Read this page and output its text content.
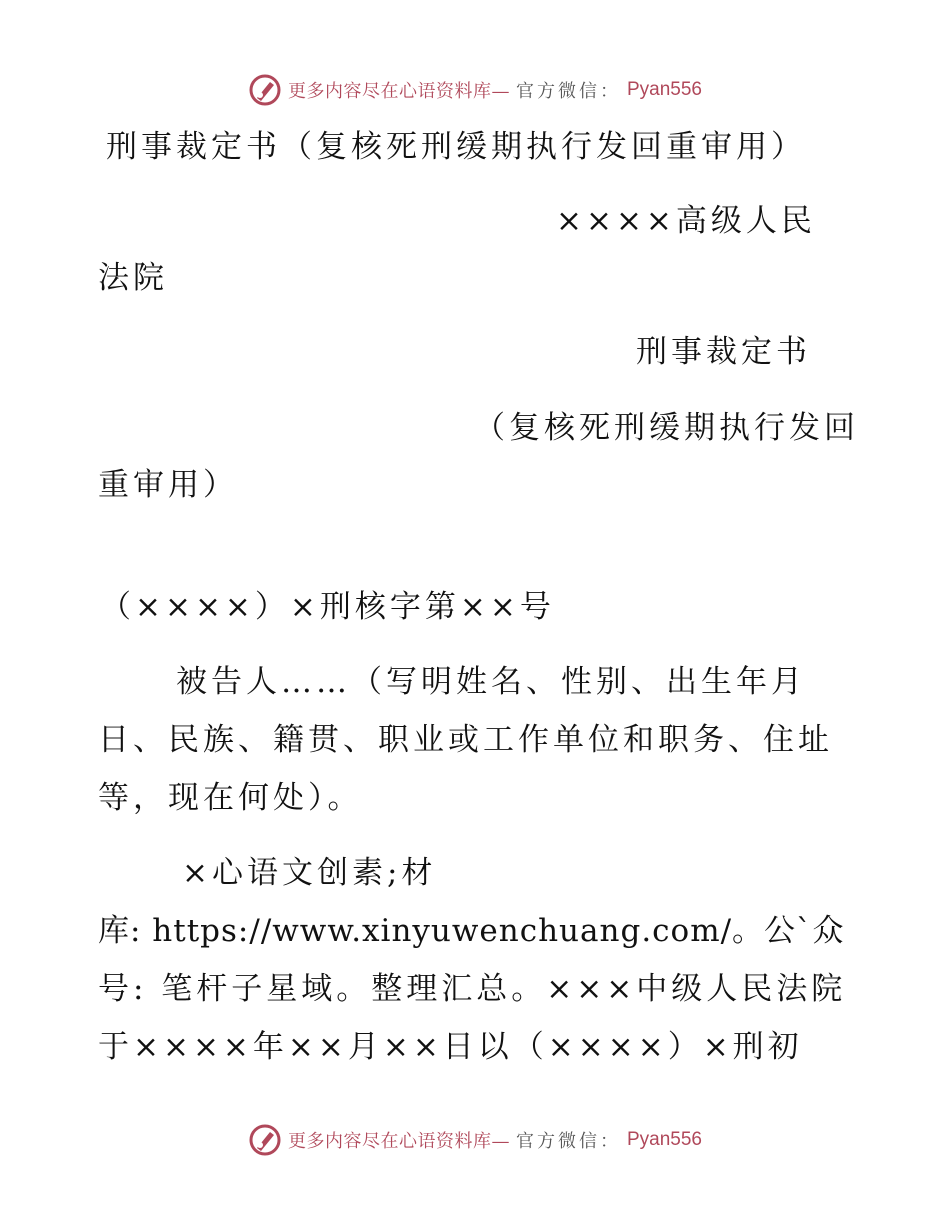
更多内容尽在心语资料库— 官方微信： Pyan556
刑事裁定书（复核死刑缓期执行发回重审用）
××××高级人民
法院
刑事裁定书
（复核死刑缓期执行发回
重审用）
（××××）×刑核字第××号
被告人……（写明姓名、性别、出生年月
日、民族、籍贯、职业或工作单位和职务、住址
等，现在何处）。
×心语文创素;材
库: https://www.xinyuwenchuang.com/。公`众
号: 笔杆子星域。整理汇总。×××中级人民法院
于××××年××月××日以（××××）×刑初
更多内容尽在心语资料库— 官方微信： Pyan556
